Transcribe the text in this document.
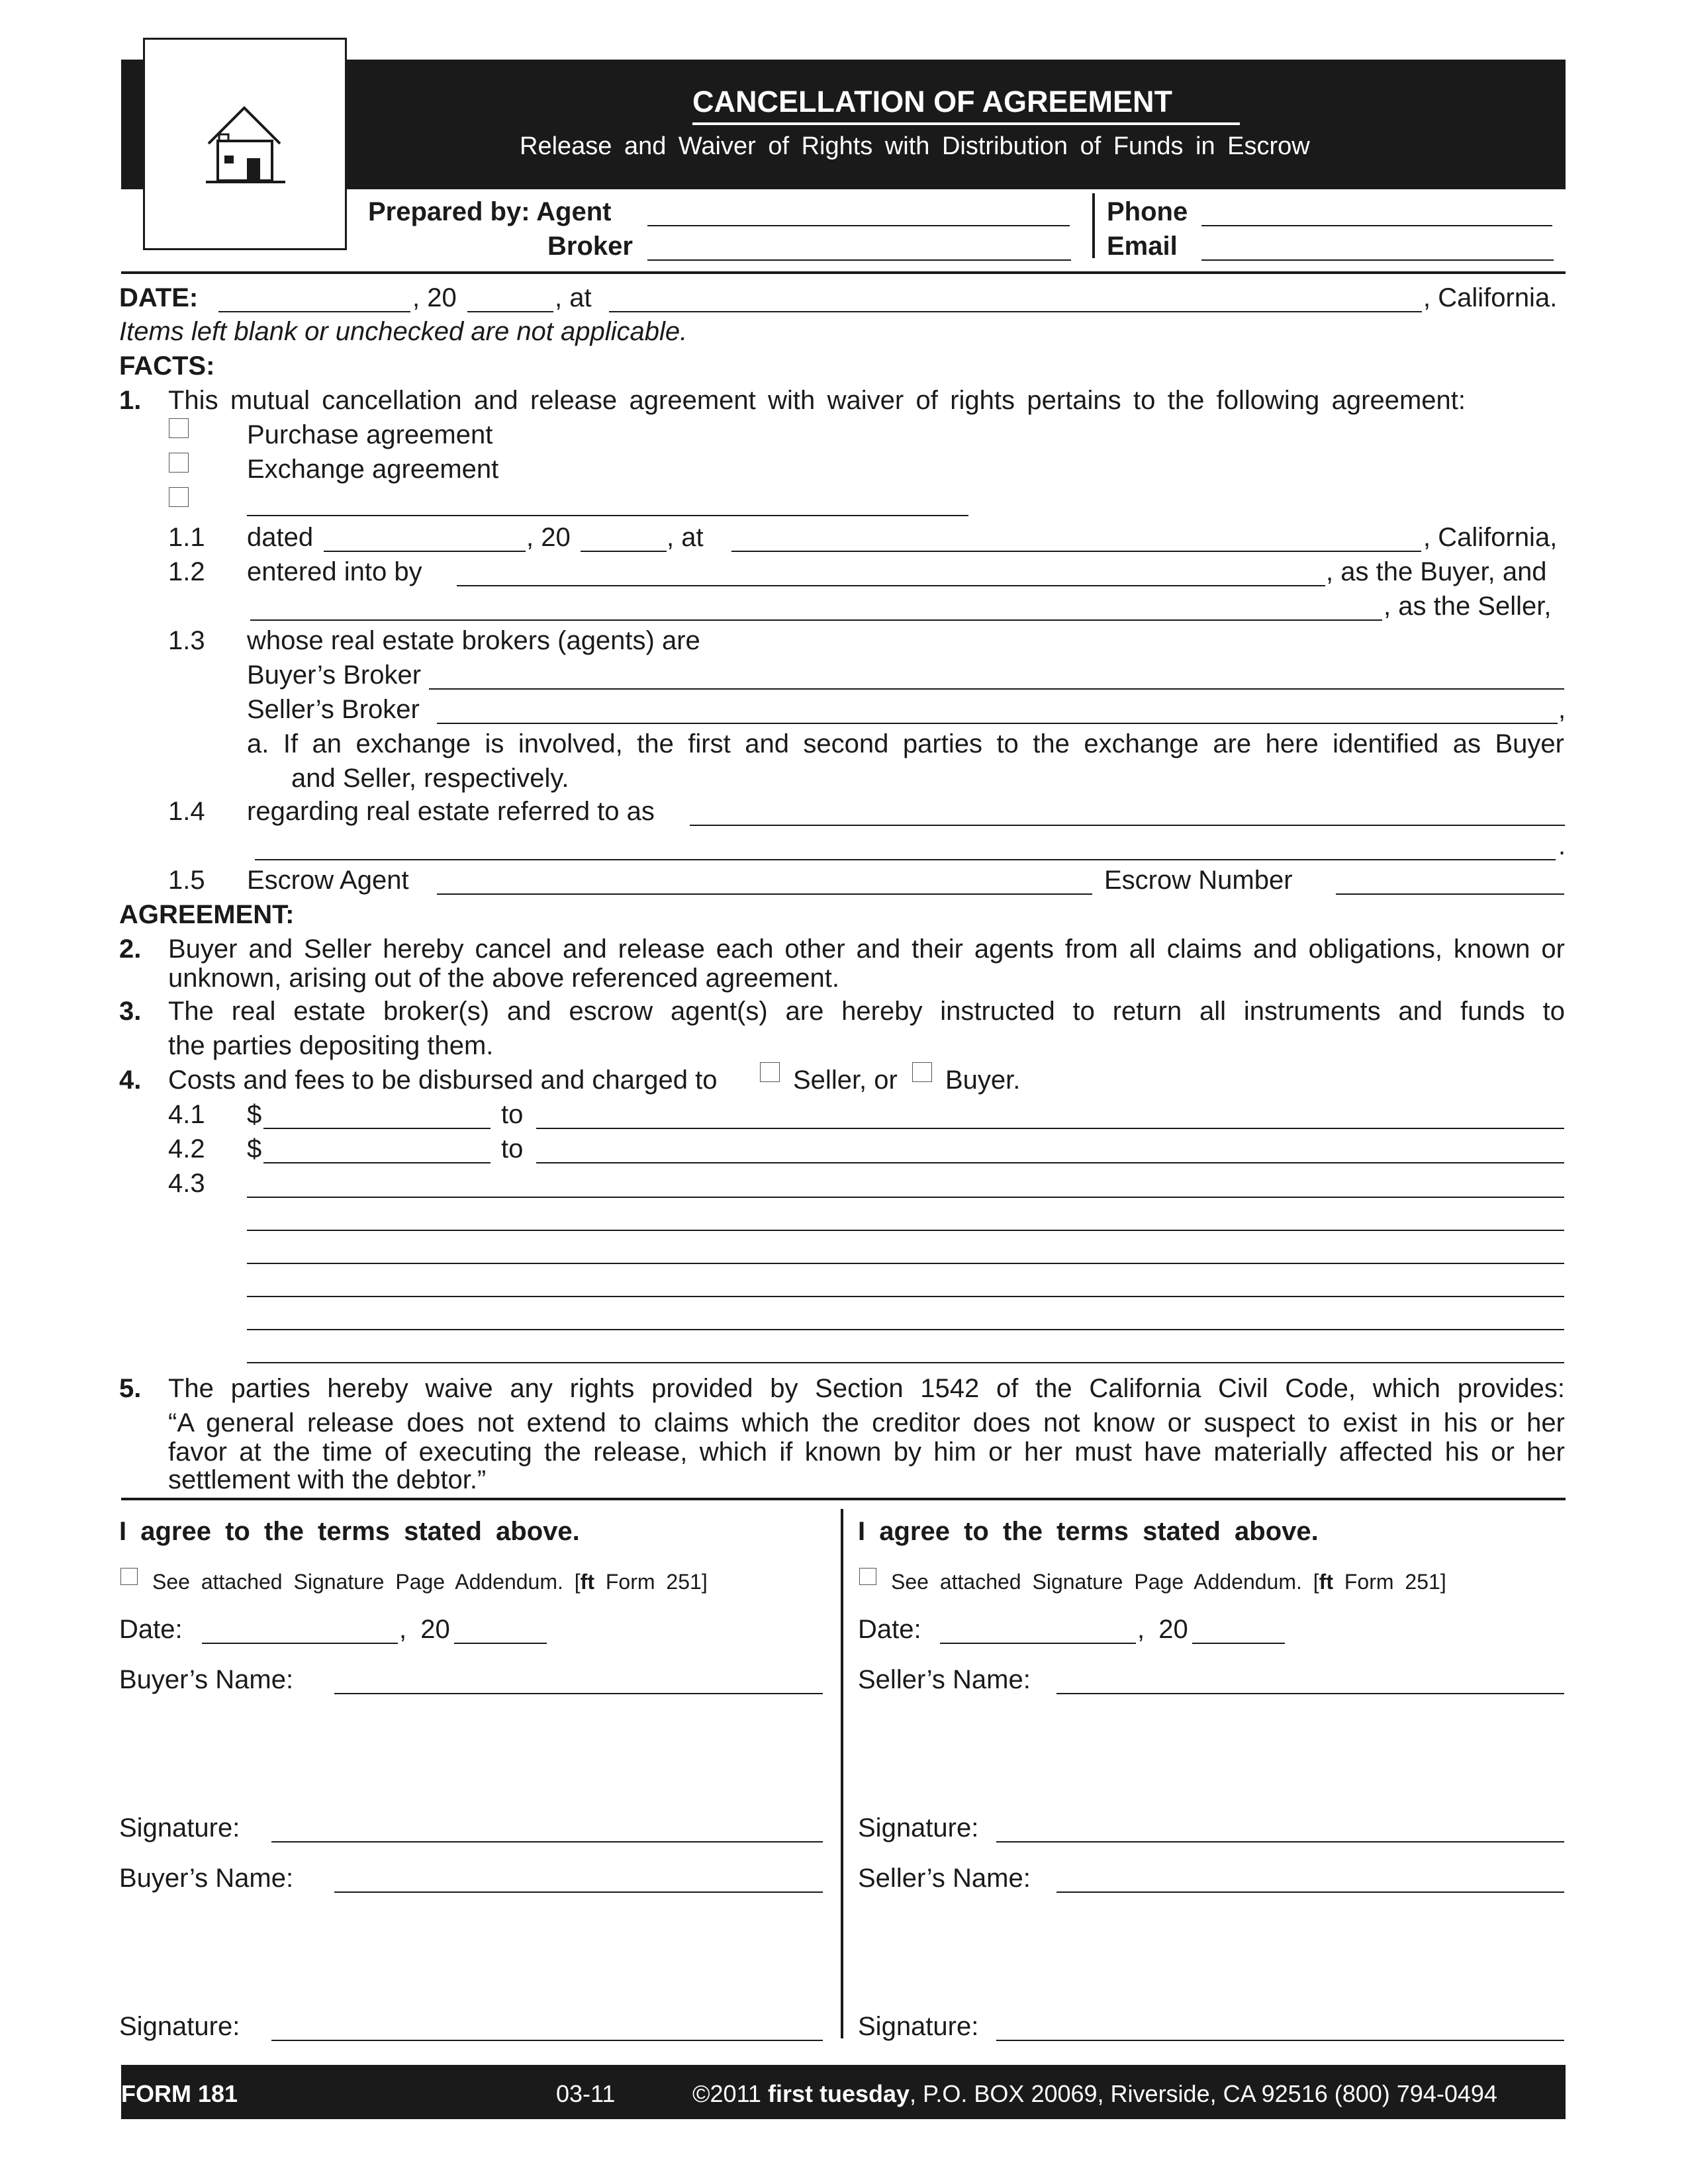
CANCELLATION OF AGREEMENT
Release and Waiver of Rights with Distribution of Funds in Escrow
Prepared by: Agent
Broker
Phone
Email
DATE:	, 20	, at	, California.
Items left blank or unchecked are not applicable.
FACTS:
1. This mutual cancellation and release agreement with waiver of rights pertains to the following agreement:
Purchase agreement
Exchange agreement
1.1 dated	, 20	, at	, California,
1.2 entered into by	, as the Buyer, and
, as the Seller,
1.3 whose real estate brokers (agents) are
Buyer’s Broker
Seller’s Broker	,
a. If an exchange is involved, the first and second parties to the exchange are here identified as Buyer
and Seller, respectively.
1.4 regarding real estate referred to as
.
1.5 Escrow Agent	Escrow Number
AGREEMENT:
2. Buyer and Seller hereby cancel and release each other and their agents from all claims and obligations, known or
unknown, arising out of the above referenced agreement.
3. The real estate broker(s) and escrow agent(s) are hereby instructed to return all instruments and funds to
the parties depositing them.
4. Costs and fees to be disbursed and charged to	Seller, or Buyer.
4.1 $	to
4.2 $	to
4.3
5. The parties hereby waive any rights provided by Section 1542 of the California Civil Code, which provides:
“A general release does not extend to claims which the creditor does not know or suspect to exist in his or her
favor at the time of executing the release, which if known by him or her must have materially affected his or her
settlement with the debtor.”
I agree to the terms stated above.
See attached Signature Page Addendum. [ft Form 251]
Date:	, 20
Buyer’s Name:
Signature:
Buyer’s Name:
Signature:
I agree to the terms stated above.
See attached Signature Page Addendum. [ft Form 251]
Date:	, 20
Seller’s Name:
Signature:
Seller’s Name:
Signature:
FORM 181	03-11	©2011 first tuesday, P.O. BOX 20069, Riverside, CA 92516 (800) 794-0494
